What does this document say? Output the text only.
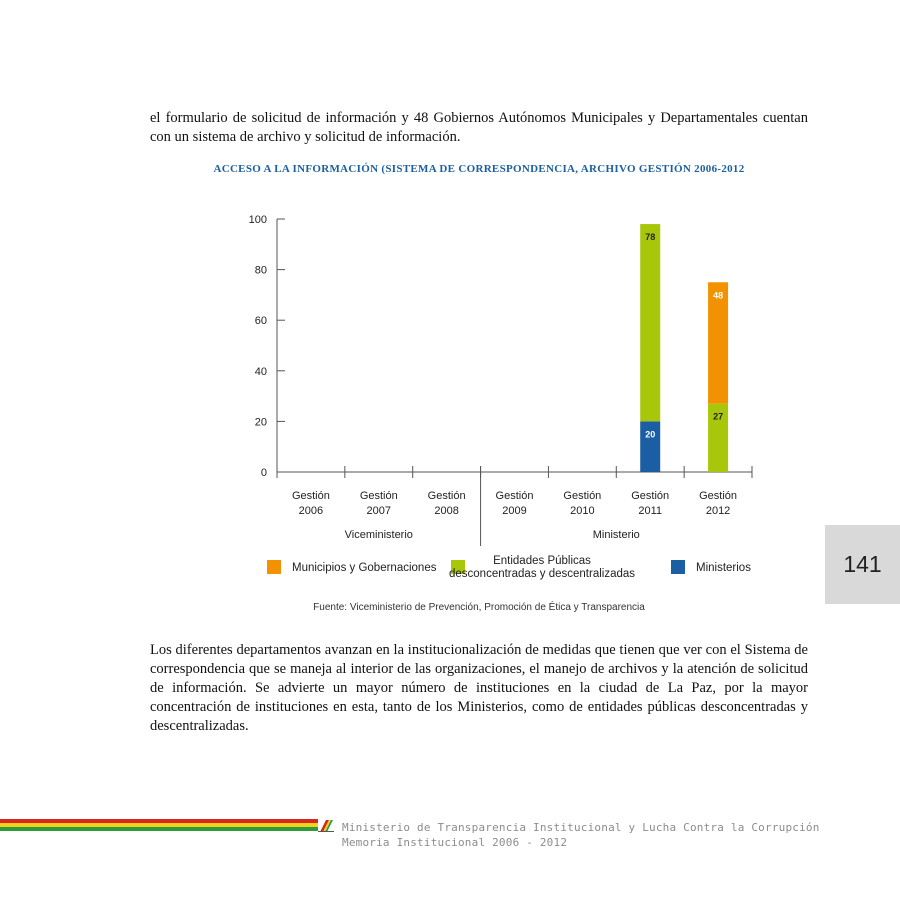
el formulario de solicitud de información y 48 Gobiernos Autónomos Municipales y Departamentales cuentan con un sistema de archivo y solicitud de información.

ACCESO A LA INFORMACIÓN (SISTEMA DE CORRESPONDENCIA, ARCHIVO GESTIÓN 2006-2012

0
20
40
60
80
100
Gestión
2006
Gestión
2007
Gestión
2008
Gestión
2009
Gestión
2010
Gestión
2011
Gestión
2012
Viceministerio	Ministerio
20
78
27
48
Municipios y Gobernaciones
Entidades Públicas
desconcentradas y descentralizadas	Ministerios

Fuente: Viceministerio de Prevención, Promoción de Ética y Transparencia

Los diferentes departamentos avanzan en la institucionalización de medidas que tienen que ver con el Sistema de correspondencia que se maneja al interior de las organizaciones, el manejo de archivos y la atención de solicitud de información. Se advierte un mayor número de instituciones en la ciudad de La Paz, por la mayor concentración de instituciones en esta, tanto de los Ministerios, como de entidades públicas desconcentradas y descentralizadas.

141
Ministerio de Transparencia Institucional y Lucha Contra la Corrupción
Memoria Institucional 2006 - 2012
